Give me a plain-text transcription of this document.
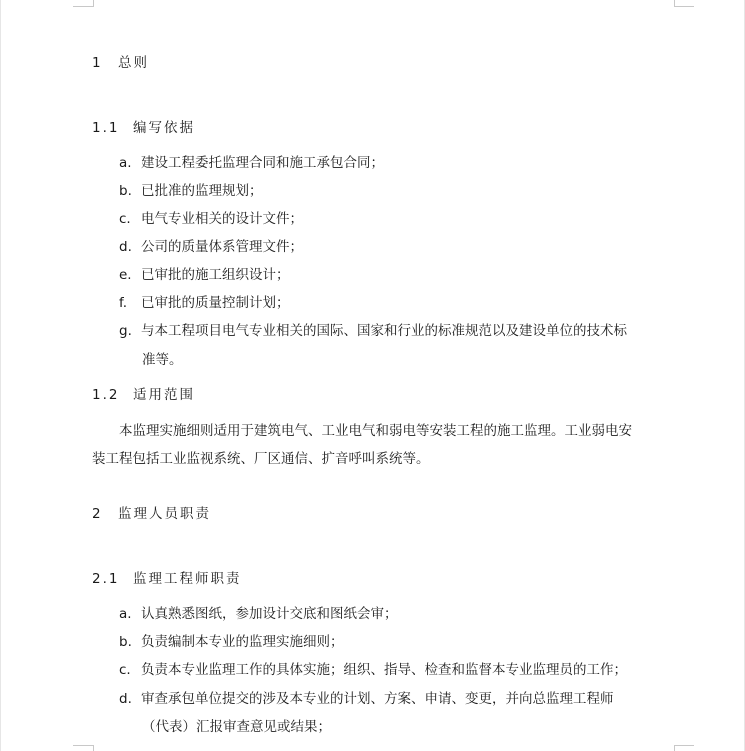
1 总则
1.1 编写依据
a. 建设工程委托监理合同和施工承包合同；
b. 已批准的监理规划；
c. 电气专业相关的设计文件；
d. 公司的质量体系管理文件；
e. 已审批的施工组织设计；
f. 已审批的质量控制计划；
g. 与本工程项目电气专业相关的国际、国家和行业的标准规范以及建设单位的技术标
准等。
1.2 适用范围
本监理实施细则适用于建筑电气、工业电气和弱电等安装工程的施工监理。工业弱电安
装工程包括工业监视系统、厂区通信、扩音呼叫系统等。
2 监理人员职责
2.1 监理工程师职责
a. 认真熟悉图纸，参加设计交底和图纸会审；
b. 负责编制本专业的监理实施细则；
c. 负责本专业监理工作的具体实施；组织、指导、检查和监督本专业监理员的工作；
d. 审查承包单位提交的涉及本专业的计划、方案、申请、变更，并向总监理工程师
（代表）汇报审查意见或结果；
